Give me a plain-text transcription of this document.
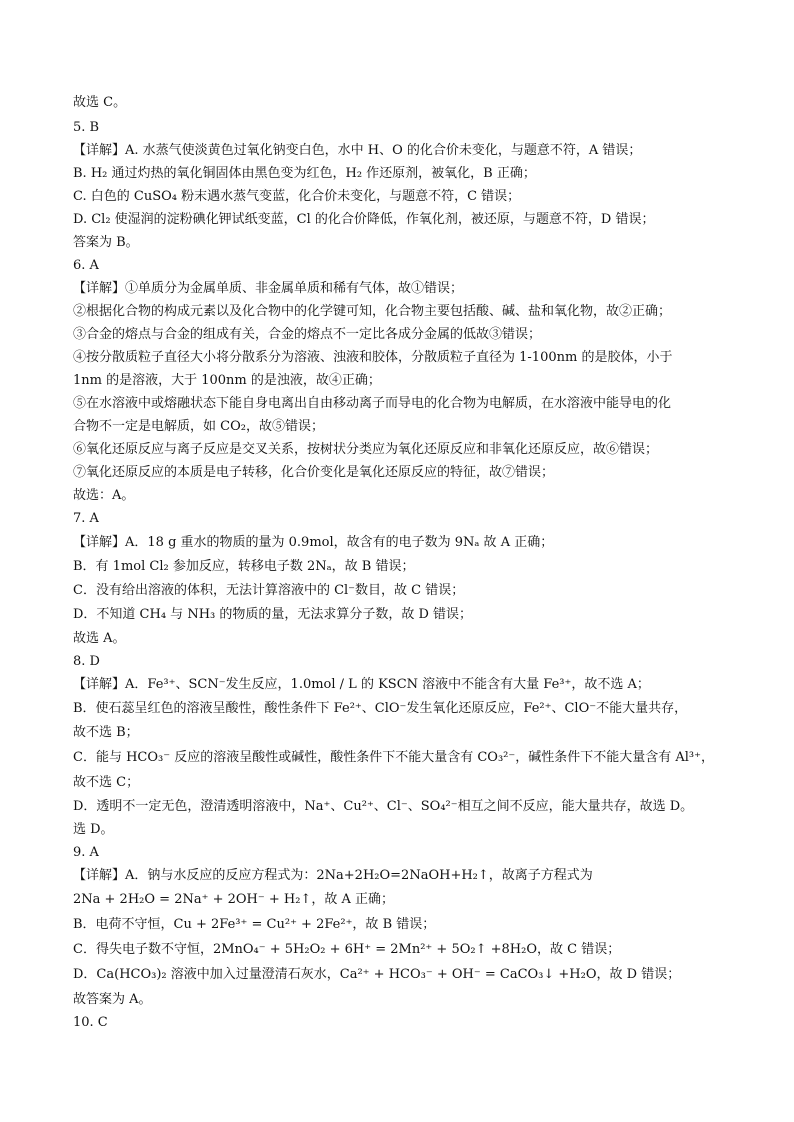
故选 C。
5. B
【详解】A. 水蒸气使淡黄色过氧化钠变白色，水中 H、O 的化合价未变化，与题意不符，A 错误；
B. H₂ 通过灼热的氧化铜固体由黑色变为红色，H₂ 作还原剂，被氧化，B 正确；
C. 白色的 CuSO₄ 粉末遇水蒸气变蓝，化合价未变化，与题意不符，C 错误；
D. Cl₂ 使湿润的淀粉碘化钾试纸变蓝，Cl 的化合价降低，作氧化剂，被还原，与题意不符，D 错误；
答案为 B。
6. A
【详解】①单质分为金属单质、非金属单质和稀有气体，故①错误；
②根据化合物的构成元素以及化合物中的化学键可知，化合物主要包括酸、碱、盐和氧化物，故②正确；
③合金的熔点与合金的组成有关，合金的熔点不一定比各成分金属的低故③错误；
④按分散质粒子直径大小将分散系分为溶液、浊液和胶体，分散质粒子直径为 1-100nm 的是胶体，小于
1nm 的是溶液，大于 100nm 的是浊液，故④正确；
⑤在水溶液中或熔融状态下能自身电离出自由移动离子而导电的化合物为电解质，在水溶液中能导电的化
合物不一定是电解质，如 CO₂，故⑤错误；
⑥氧化还原反应与离子反应是交叉关系，按树状分类应为氧化还原反应和非氧化还原反应，故⑥错误；
⑦氧化还原反应的本质是电子转移，化合价变化是氧化还原反应的特征，故⑦错误；
故选：A。
7. A
【详解】A．18 g 重水的物质的量为 0.9mol，故含有的电子数为 9Nₐ 故 A 正确；
B．有 1mol Cl₂ 参加反应，转移电子数 2Nₐ，故 B 错误；
C．没有给出溶液的体积，无法计算溶液中的 Cl⁻数目，故 C 错误；
D．不知道 CH₄ 与 NH₃ 的物质的量，无法求算分子数，故 D 错误；
故选 A。
8. D
【详解】A．Fe³⁺、SCN⁻发生反应，1.0mol / L 的 KSCN 溶液中不能含有大量 Fe³⁺，故不选 A；
B．使石蕊呈红色的溶液呈酸性，酸性条件下 Fe²⁺、ClO⁻发生氧化还原反应，Fe²⁺、ClO⁻不能大量共存，
故不选 B；
C．能与 HCO₃⁻ 反应的溶液呈酸性或碱性，酸性条件下不能大量含有 CO₃²⁻，碱性条件下不能大量含有 Al³⁺，
故不选 C；
D．透明不一定无色，澄清透明溶液中，Na⁺、Cu²⁺、Cl⁻、SO₄²⁻相互之间不反应，能大量共存，故选 D。
选 D。
9. A
【详解】A．钠与水反应的反应方程式为：2Na+2H₂O=2NaOH+H₂↑，故离子方程式为
2Na + 2H₂O = 2Na⁺ + 2OH⁻ + H₂↑，故 A 正确；
B．电荷不守恒，Cu + 2Fe³⁺ = Cu²⁺ + 2Fe²⁺，故 B 错误；
C．得失电子数不守恒，2MnO₄⁻ + 5H₂O₂ + 6H⁺ = 2Mn²⁺ + 5O₂↑ +8H₂O，故 C 错误；
D．Ca(HCO₃)₂ 溶液中加入过量澄清石灰水，Ca²⁺ + HCO₃⁻ + OH⁻ = CaCO₃↓ +H₂O，故 D 错误；
故答案为 A。
10. C
